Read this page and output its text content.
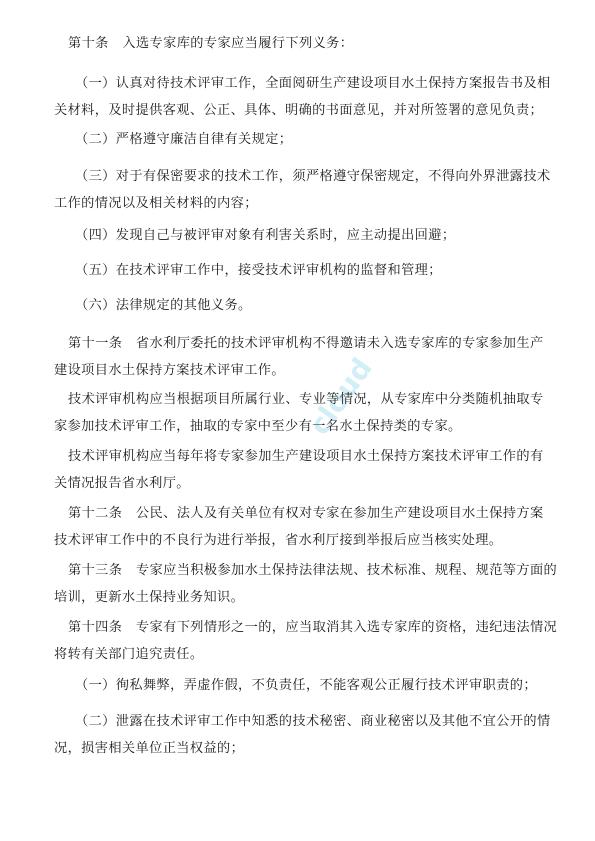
cloud
第十条　入选专家库的专家应当履行下列义务：
　（一）认真对待技术评审工作，全面阅研生产建设项目水土保持方案报告书及相
关材料，及时提供客观、公正、具体、明确的书面意见，并对所签署的意见负责；
　（二）严格遵守廉洁自律有关规定；
　（三）对于有保密要求的技术工作，须严格遵守保密规定，不得向外界泄露技术
工作的情况以及相关材料的内容；
　（四）发现自己与被评审对象有利害关系时，应主动提出回避；
　（五）在技术评审工作中，接受技术评审机构的监督和管理；
　（六）法律规定的其他义务。
第十一条　省水利厅委托的技术评审机构不得邀请未入选专家库的专家参加生产
建设项目水土保持方案技术评审工作。
技术评审机构应当根据项目所属行业、专业等情况，从专家库中分类随机抽取专
家参加技术评审工作，抽取的专家中至少有一名水土保持类的专家。
技术评审机构应当每年将专家参加生产建设项目水土保持方案技术评审工作的有
关情况报告省水利厅。
第十二条　公民、法人及有关单位有权对专家在参加生产建设项目水土保持方案
技术评审工作中的不良行为进行举报，省水利厅接到举报后应当核实处理。
第十三条　专家应当积极参加水土保持法律法规、技术标准、规程、规范等方面的
培训，更新水土保持业务知识。
第十四条　专家有下列情形之一的，应当取消其入选专家库的资格，违纪违法情况
将转有关部门追究责任。
　（一）徇私舞弊，弄虚作假，不负责任，不能客观公正履行技术评审职责的；
　（二）泄露在技术评审工作中知悉的技术秘密、商业秘密以及其他不宜公开的情
况，损害相关单位正当权益的；
